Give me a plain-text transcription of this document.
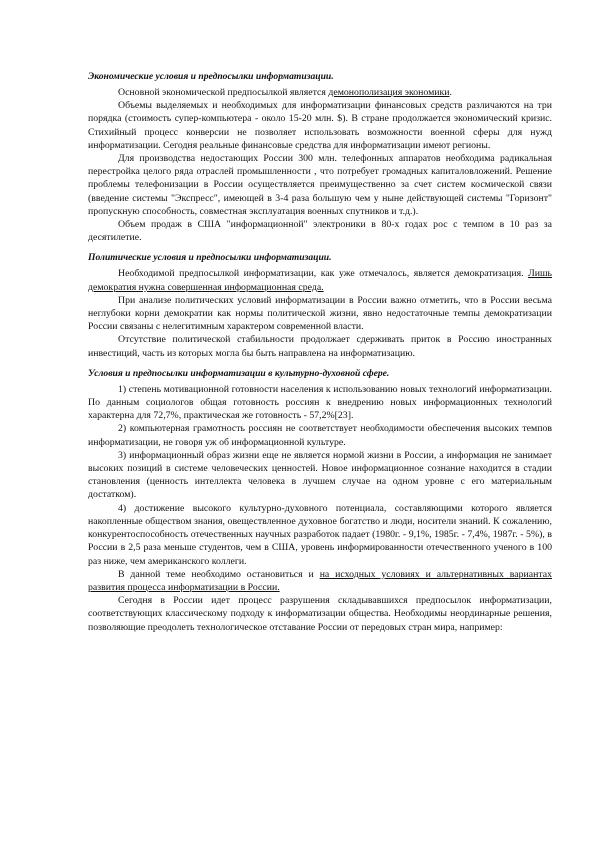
Экономические условия и предпосылки информатизации.

Основной экономической предпосылкой является демонополизация экономики.

Объемы выделяемых и необходимых для информатизации финансовых средств различаются на три порядка (стоимость супер-компьютера - около 15-20 млн. $). В стране продолжается экономический кризис. Стихийный процесс конверсии не позволяет использовать возможности военной сферы для нужд информатизации. Сегодня реальные финансовые средства для информатизации имеют регионы.

Для производства недостающих России 300 млн. телефонных аппаратов необходима радикальная перестройка целого ряда отраслей промышленности , что потребует громадных капиталовложений. Решение проблемы телефонизации в России осуществляется преимущественно за счет систем космической связи (введение системы "Экспресс", имеющей в 3-4 раза большую чем у ныне действующей системы "Горизонт" пропускную способность, совместная эксплуатация военных спутников и т.д.).

Объем продаж в США "информационной" электроники в 80-х годах рос с темпом в 10 раз за десятилетие.

Политические условия и предпосылки информатизации.

Необходимой предпосылкой информатизации, как уже отмечалось, является демократизация. Лишь демократия нужна совершенная информационная среда.

При анализе политических условий информатизации в России важно отметить, что в России весьма неглубоки корни демократии как нормы политической жизни, явно недостаточные темпы демократизации России связаны с нелегитимным характером современной власти.

Отсутствие политической стабильности продолжает сдерживать приток в Россию иностранных инвестиций, часть из которых могла бы быть направлена на информатизацию.

Условия и предпосылки информатизации в культурно-духовной сфере.

1) степень мотивационной готовности населения к использованию новых технологий информатизации. По данным социологов общая готовность россиян к внедрению новых информационных технологий характерна для 72,7%, практическая же готовность - 57,2%[23].

2) компьютерная грамотность россиян не соответствует необходимости обеспечения высоких темпов информатизации, не говоря уж об информационной культуре.

3) информационный образ жизни еще не является нормой жизни в России, а информация не занимает высоких позиций в системе человеческих ценностей. Новое информационное сознание находится в стадии становления (ценность интеллекта человека в лучшем случае на одном уровне с его материальным достатком).

4) достижение высокого культурно-духовного потенциала, составляющими которого является накопленные обществом знания, овеществленное духовное богатство и люди, носители знаний. К сожалению, конкурентоспособность отечественных научных разработок падает (1980г. - 9,1%, 1985г. - 7,4%, 1987г. - 5%), в России в 2,5 раза меньше студентов, чем в США, уровень информированности отечественного ученого в 100 раз ниже, чем американского коллеги.

В данной теме необходимо остановиться и на исходных условиях и альтернативных вариантах развития процесса информатизации в России.

Сегодня в России идет процесс разрушения складывавшихся предпосылок информатизации, соответствующих классическому подходу к информатизации общества. Необходимы неординарные решения, позволяющие преодолеть технологическое отставание России от передовых стран мира, например:
